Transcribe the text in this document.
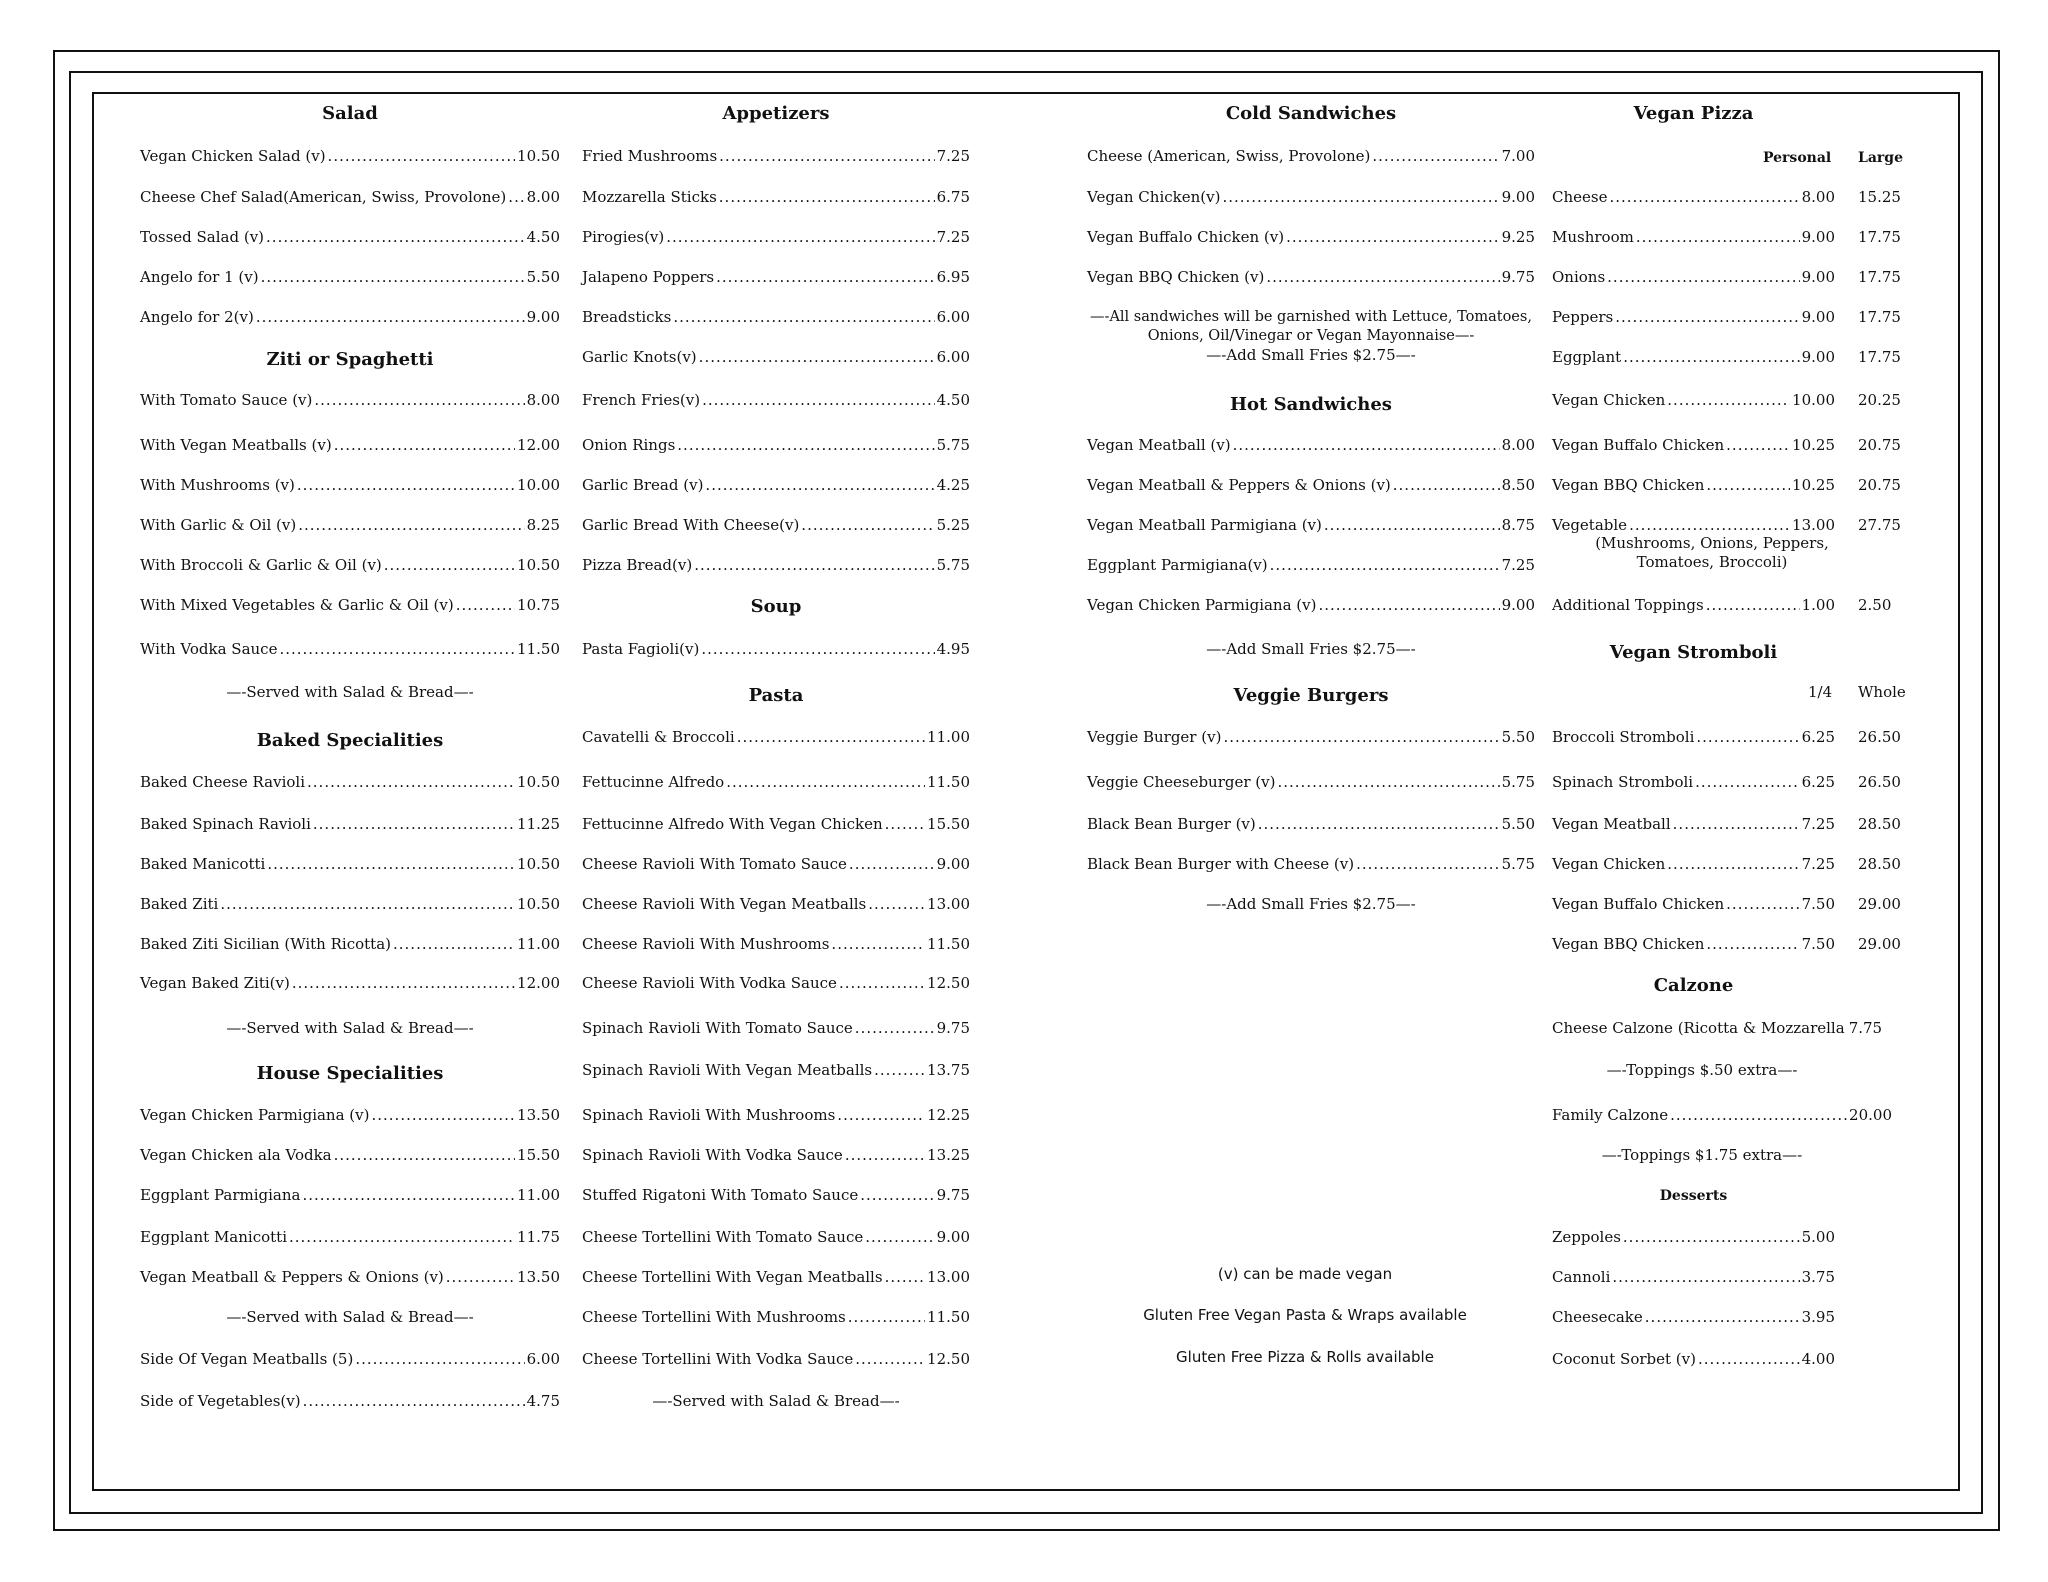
Salad
Vegan Chicken Salad (v) .....	10.50
Cheese Chef Salad(American, Swiss, Provolone) ..... 8.00
Tossed Salad (v) .....	4.50
Angelo for 1 (v) .....	5.50
Angelo for 2(v) .....	9.00
Ziti or Spaghetti
With Tomato Sauce (v) .....	8.00
With Vegan Meatballs (v) .....	12.00
With Mushrooms (v) .....	10.00
With Garlic & Oil (v) .....	8.25
With Broccoli & Garlic & Oil (v) .....	10.50
With Mixed Vegetables & Garlic & Oil (v) .....	10.75
With Vodka Sauce .....	11.50
—-Served with Salad & Bread—-
Baked Specialities
Baked Cheese Ravioli .....	10.50
Baked Spinach Ravioli .....	11.25
Baked Manicotti .....	10.50
Baked Ziti .....	10.50
Baked Ziti Sicilian (With Ricotta) .....	11.00
Vegan Baked Ziti(v) .....	12.00
—-Served with Salad & Bread—-
House Specialities
Vegan Chicken Parmigiana (v) .....	13.50
Vegan Chicken ala Vodka .....	15.50
Eggplant Parmigiana .....	11.00
Eggplant Manicotti .....	11.75
Vegan Meatball & Peppers & Onions (v) .....	13.50
—-Served with Salad & Bread—-
Side Of Vegan Meatballs (5) .....	6.00
Side of Vegetables(v) .....	4.75
Appetizers
Fried Mushrooms .....	7.25
Mozzarella Sticks .....	6.75
Pirogies(v) .....	7.25
Jalapeno Poppers .....	6.95
Breadsticks .....	6.00
Garlic Knots(v) .....	6.00
French Fries(v) .....	4.50
Onion Rings .....	5.75
Garlic Bread (v) .....	4.25
Garlic Bread With Cheese(v) .....	5.25
Pizza Bread(v) .....	5.75
Soup
Pasta Fagioli(v) .....	4.95
Pasta
Cavatelli & Broccoli .....	11.00
Fettucinne Alfredo .....	11.50
Fettucinne Alfredo With Vegan Chicken .....	15.50
Cheese Ravioli With Tomato Sauce .....	9.00
Cheese Ravioli With Vegan Meatballs .....	13.00
Cheese Ravioli With Mushrooms .....	11.50
Cheese Ravioli With Vodka Sauce .....	12.50
Spinach Ravioli With Tomato Sauce .....	9.75
Spinach Ravioli With Vegan Meatballs .....	13.75
Spinach Ravioli With Mushrooms .....	12.25
Spinach Ravioli With Vodka Sauce .....	13.25
Stuffed Rigatoni With Tomato Sauce .....	9.75
Cheese Tortellini With Tomato Sauce .....	9.00
Cheese Tortellini With Vegan Meatballs .....	13.00
Cheese Tortellini With Mushrooms .....	11.50
Cheese Tortellini With Vodka Sauce .....	12.50
—-Served with Salad & Bread—-
Cold Sandwiches
Cheese (American, Swiss, Provolone) .....	7.00
Vegan Chicken(v) .....	9.00
Vegan Buffalo Chicken (v) .....	9.25
Vegan BBQ Chicken (v) .....	9.75
—-All sandwiches will be garnished with Lettuce, Tomatoes, Onions, Oil/Vinegar or Vegan Mayonnaise—-
—-Add Small Fries $2.75—-
Hot Sandwiches
Vegan Meatball (v) .....	8.00
Vegan Meatball & Peppers & Onions (v) .....	8.50
Vegan Meatball Parmigiana (v) .....	8.75
Eggplant Parmigiana(v) .....	7.25
Vegan Chicken Parmigiana (v) .....	9.00
—-Add Small Fries $2.75—-
Veggie Burgers
Veggie Burger (v) .....	5.50
Veggie Cheeseburger (v) .....	5.75
Black Bean Burger (v) .....	5.50
Black Bean Burger with Cheese (v) .....	5.75
—-Add Small Fries $2.75—-
(v) can be made vegan
Gluten Free Vegan Pasta & Wraps available
Gluten Free Pizza & Rolls available
Vegan Pizza
Personal Large
Cheese .....	8.00 15.25
Mushroom .....	9.00 17.75
Onions .....	9.00 17.75
Peppers .....	9.00 17.75
Eggplant .....	9.00 17.75
Vegan Chicken .....	10.00 20.25
Vegan Buffalo Chicken .....	10.25 20.75
Vegan BBQ Chicken .....	10.25 20.75
Vegetable .....	13.00 27.75
(Mushrooms, Onions, Peppers, Tomatoes, Broccoli)
Additional Toppings .....	1.00 2.50
Vegan Stromboli
1/4 Whole
Broccoli Stromboli .....	6.25 26.50
Spinach Stromboli .....	6.25 26.50
Vegan Meatball .....	7.25 28.50
Vegan Chicken .....	7.25 28.50
Vegan Buffalo Chicken .....	7.50 29.00
Vegan BBQ Chicken .....	7.50 29.00
Calzone
Cheese Calzone (Ricotta & Mozzarella 7.75
—-Toppings $.50 extra—-
Family Calzone .....	20.00
—-Toppings $1.75 extra—-
Desserts
Zeppoles .....	5.00
Cannoli .....	3.75
Cheesecake .....	3.95
Coconut Sorbet (v) .....	4.00
